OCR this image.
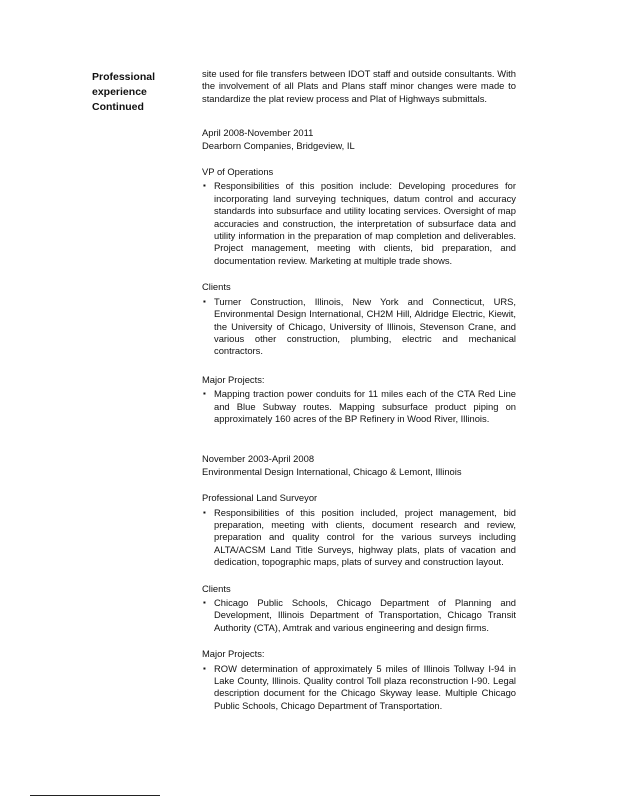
Professional
experience
Continued

site used for file transfers between IDOT staff and outside consultants. With the involvement of all Plats and Plans staff minor changes were made to standardize the plat review process and Plat of Highways submittals.

April 2008-November 2011

Dearborn Companies, Bridgeview, IL

VP of Operations

▪ Responsibilities of this position include: Developing procedures for incorporating land surveying techniques, datum control and accuracy standards into subsurface and utility locating services. Oversight of map accuracies and construction, the interpretation of subsurface data and utility information in the preparation of map completion and deliverables. Project management, meeting with clients, bid preparation, and documentation review. Marketing at multiple trade shows.

Clients

▪ Turner Construction, Illinois, New York and Connecticut, URS, Environmental Design International, CH2M Hill, Aldridge Electric, Kiewit, the University of Chicago, University of Illinois, Stevenson Crane, and various other construction, plumbing, electric and mechanical contractors.

Major Projects:

▪ Mapping traction power conduits for 11 miles each of the CTA Red Line and Blue Subway routes. Mapping subsurface product piping on approximately 160 acres of the BP Refinery in Wood River, Illinois.

November 2003-April 2008

Environmental Design International, Chicago & Lemont, Illinois

Professional Land Surveyor

▪ Responsibilities of this position included, project management, bid preparation, meeting with clients, document research and review, preparation and quality control for the various surveys including ALTA/ACSM Land Title Surveys, highway plats, plats of vacation and dedication, topographic maps, plats of survey and construction layout.

Clients

▪ Chicago Public Schools, Chicago Department of Planning and Development, Illinois Department of Transportation, Chicago Transit Authority (CTA), Amtrak and various engineering and design firms.

Major Projects:

▪ ROW determination of approximately 5 miles of Illinois Tollway I-94 in Lake County, Illinois. Quality control Toll plaza reconstruction I-90. Legal description document for the Chicago Skyway lease. Multiple Chicago Public Schools, Chicago Department of Transportation.
